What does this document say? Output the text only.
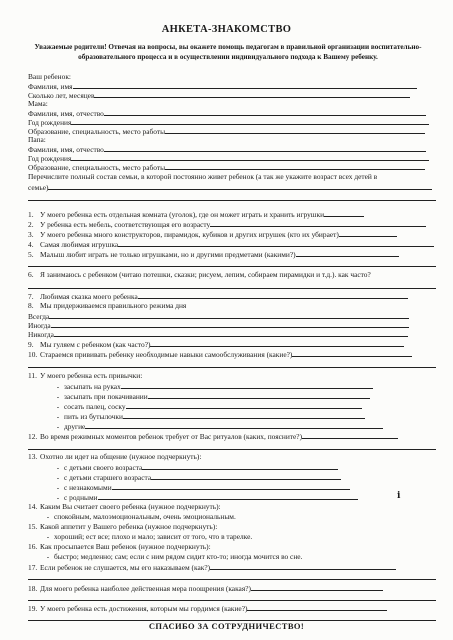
АНКЕТА-ЗНАКОМСТВО
Уважаемые родители! Отвечая на вопросы, вы окажете помощь педагогам в правильной организации воспитательно-образовательного процесса и в осуществлении индивидуального подхода к Вашему ребенку.
Ваш ребенок:
Фамилия, имя
Сколько лет, месяцев
Мама:
Фамилия, имя, отчество
Год рождения
Образование, специальность, место работы
Папа:
Фамилия, имя, отчество
Год рождения
Образование, специальность, место работы
Перечислите полный состав семьи, в которой постоянно живет ребенок (а так же укажите возраст всех детей в
семье)
1. У моего ребенка есть отдельная комната (уголок), где он может играть и хранить игрушки
2. У ребенка есть мебель, соответствующая его возрасту
3. У моего ребенка много конструкторов, пирамидок, кубиков и других игрушек (кто их убирает)
4. Самая любимая игрушка
5. Малыш любит играть не только игрушками, но и другими предметами (какими?)
6. Я занимаюсь с ребенком (читаю потешки, сказки; рисуем, лепим, собираем пирамидки и т.д.). как часто?
7. Любимая сказка моего ребенка
8. Мы придерживаемся правильного режима дня
Всегда
Иногда
Никогда
9. Мы гуляем с ребенком (как часто?)
10. Стараемся прививать ребенку необходимые навыки самообслуживания (какие?)
11. У моего ребенка есть привычки:
- засыпать на руках
- засыпать при покачивании
- сосать палец, соску
- пить из бутылочки
- другие
12. Во время режимных моментов ребенок требует от Вас ритуалов (каких, поясните?)
13. Охотно ли идет на общение (нужное подчеркнуть):
- с детьми своего возраста
- с детьми старшего возраста
- с незнакомыми
- с родными
14. Каким Вы считает своего ребенка (нужное подчеркнуть):
- спокойным, малоэмоциональным, очень эмоциональным.
15. Какой аппетит у Вашего ребенка (нужное подчеркнуть):
- хороший; ест все; плохо и мало; зависит от того, что в тарелке.
16. Как просыпается Ваш ребенок (нужное подчеркнуть):
- быстро; медленно; сам; если с ним рядом сидит кто-то; иногда мочится во сне.
17. Если ребенок не слушается, мы его наказываем (как?)
18. Для моего ребенка наиболее действенная мера поощрения (какая?)
19. У моего ребенка есть достижения, которым мы гордимся (какие?)
СПАСИБО ЗА СОТРУДНИЧЕСТВО!
ⅰ
